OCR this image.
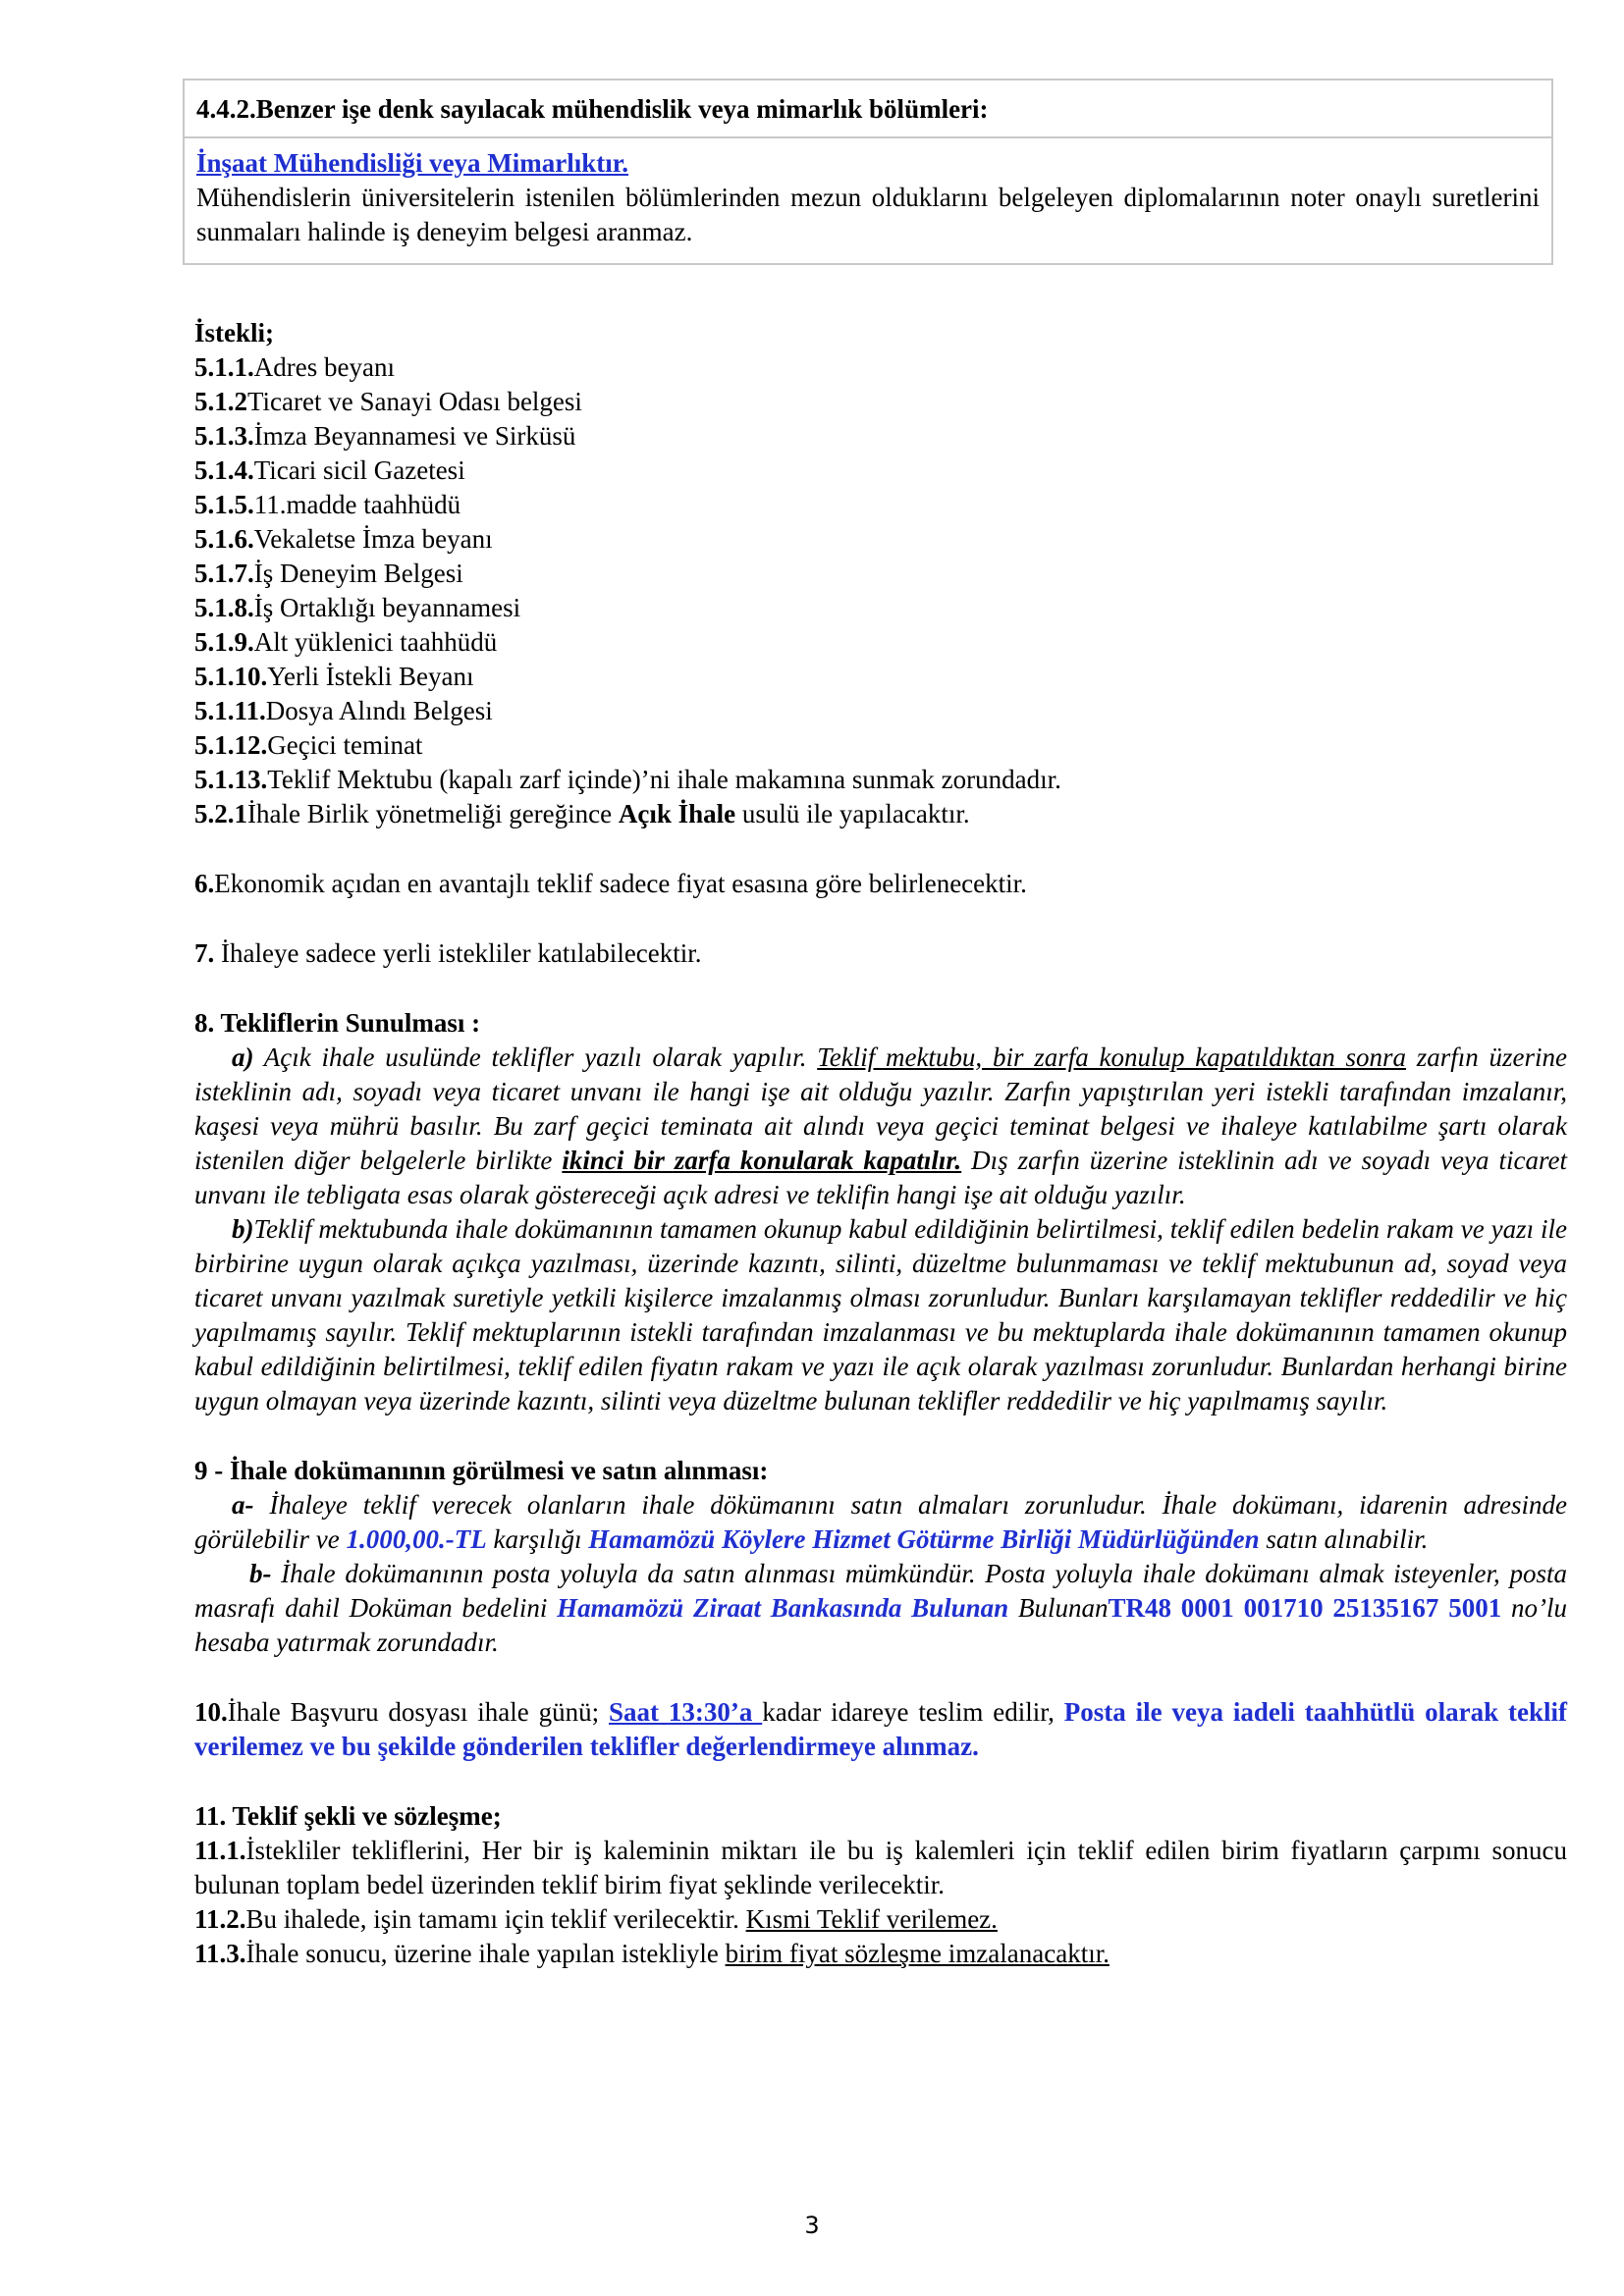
4.4.2.Benzer işe denk sayılacak mühendislik veya mimarlık bölümleri:
İnşaat Mühendisliği veya Mimarlıktır.
Mühendislerin üniversitelerin istenilen bölümlerinden mezun olduklarını belgeleyen diplomalarının noter onaylı suretlerini sunmaları halinde iş deneyim belgesi aranmaz.
İstekli;
5.1.1.Adres beyanı
5.1.2Ticaret ve Sanayi Odası belgesi
5.1.3.İmza Beyannamesi ve Sirküsü
5.1.4.Ticari sicil Gazetesi
5.1.5.11.madde taahhüdü
5.1.6.Vekaletse İmza beyanı
5.1.7.İş Deneyim Belgesi
5.1.8.İş Ortaklığı beyannamesi
5.1.9.Alt yüklenici taahhüdü
5.1.10.Yerli İstekli Beyanı
5.1.11.Dosya Alındı Belgesi
5.1.12.Geçici teminat
5.1.13.Teklif Mektubu (kapalı zarf içinde)’ni ihale makamına sunmak zorundadır.
5.2.1İhale Birlik yönetmeliği gereğince Açık İhale usulü ile yapılacaktır.
6.Ekonomik açıdan en avantajlı teklif sadece fiyat esasına göre belirlenecektir.
7. İhaleye sadece yerli istekliler katılabilecektir.
8. Tekliflerin Sunulması :
a) Açık ihale usulünde teklifler yazılı olarak yapılır. Teklif mektubu, bir zarfa konulup kapatıldıktan sonra zarfın üzerine isteklinin adı, soyadı veya ticaret unvanı ile hangi işe ait olduğu yazılır. Zarfın yapıştırılan yeri istekli tarafından imzalanır, kaşesi veya mührü basılır. Bu zarf geçici teminata ait alındı veya geçici teminat belgesi ve ihaleye katılabilme şartı olarak istenilen diğer belgelerle birlikte ikinci bir zarfa konularak kapatılır. Dış zarfın üzerine isteklinin adı ve soyadı veya ticaret unvanı ile tebligata esas olarak göstereceği açık adresi ve teklifin hangi işe ait olduğu yazılır.
b)Teklif mektubunda ihale dokümanının tamamen okunup kabul edildiğinin belirtilmesi, teklif edilen bedelin rakam ve yazı ile birbirine uygun olarak açıkça yazılması, üzerinde kazıntı, silinti, düzeltme bulunmaması ve teklif mektubunun ad, soyad veya ticaret unvanı yazılmak suretiyle yetkili kişilerce imzalanmış olması zorunludur. Bunları karşılamayan teklifler reddedilir ve hiç yapılmamış sayılır. Teklif mektuplarının istekli tarafından imzalanması ve bu mektuplarda ihale dokümanının tamamen okunup kabul edildiğinin belirtilmesi, teklif edilen fiyatın rakam ve yazı ile açık olarak yazılması zorunludur. Bunlardan herhangi birine uygun olmayan veya üzerinde kazıntı, silinti veya düzeltme bulunan teklifler reddedilir ve hiç yapılmamış sayılır.
9 - İhale dokümanının görülmesi ve satın alınması:
a- İhaleye teklif verecek olanların ihale dökümanını satın almaları zorunludur. İhale dokümanı, idarenin adresinde görülebilir ve 1.000,00.-TL karşılığı Hamamözü Köylere Hizmet Götürme Birliği Müdürlüğünden satın alınabilir.
b- İhale dokümanının posta yoluyla da satın alınması mümkündür. Posta yoluyla ihale dokümanı almak isteyenler, posta masrafı dahil Doküman bedelini Hamamözü Ziraat Bankasında Bulunan BulunanTR48 0001 001710 25135167 5001 no’lu hesaba yatırmak zorundadır.
10.İhale Başvuru dosyası ihale günü; Saat 13:30’a kadar idareye teslim edilir, Posta ile veya iadeli taahhütlü olarak teklif verilemez ve bu şekilde gönderilen teklifler değerlendirmeye alınmaz.
11. Teklif şekli ve sözleşme;
11.1.İstekliler tekliflerini, Her bir iş kaleminin miktarı ile bu iş kalemleri için teklif edilen birim fiyatların çarpımı sonucu bulunan toplam bedel üzerinden teklif birim fiyat şeklinde verilecektir.
11.2.Bu ihalede, işin tamamı için teklif verilecektir. Kısmi Teklif verilemez.
11.3.İhale sonucu, üzerine ihale yapılan istekliyle birim fiyat sözleşme imzalanacaktır.
3
